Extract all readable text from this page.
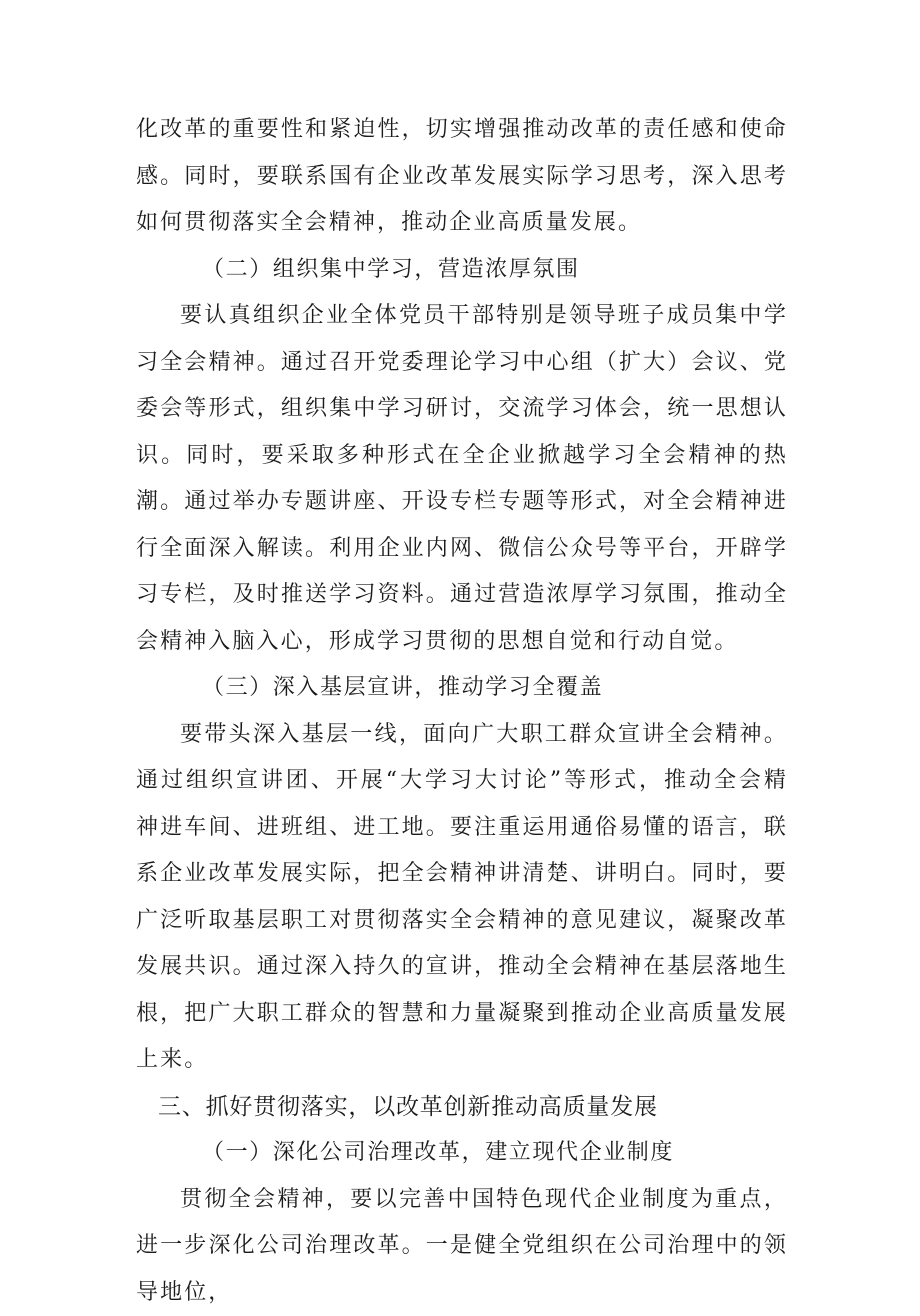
化改革的重要性和紧迫性，切实增强推动改革的责任感和使命感。同时，要联系国有企业改革发展实际学习思考，深入思考如何贯彻落实全会精神，推动企业高质量发展。

（二）组织集中学习，营造浓厚氛围

要认真组织企业全体党员干部特别是领导班子成员集中学习全会精神。通过召开党委理论学习中心组（扩大）会议、党委会等形式，组织集中学习研讨，交流学习体会，统一思想认识。同时，要采取多种形式在全企业掀越学习全会精神的热潮。通过举办专题讲座、开设专栏专题等形式，对全会精神进行全面深入解读。利用企业内网、微信公众号等平台，开辟学习专栏，及时推送学习资料。通过营造浓厚学习氛围，推动全会精神入脑入心，形成学习贯彻的思想自觉和行动自觉。

（三）深入基层宣讲，推动学习全覆盖

要带头深入基层一线，面向广大职工群众宣讲全会精神。通过组织宣讲团、开展“大学习大讨论”等形式，推动全会精神进车间、进班组、进工地。要注重运用通俗易懂的语言，联系企业改革发展实际，把全会精神讲清楚、讲明白。同时，要广泛听取基层职工对贯彻落实全会精神的意见建议，凝聚改革发展共识。通过深入持久的宣讲，推动全会精神在基层落地生根，把广大职工群众的智慧和力量凝聚到推动企业高质量发展上来。

三、抓好贯彻落实，以改革创新推动高质量发展

（一）深化公司治理改革，建立现代企业制度

贯彻全会精神，要以完善中国特色现代企业制度为重点，进一步深化公司治理改革。一是健全党组织在公司治理中的领导地位，
